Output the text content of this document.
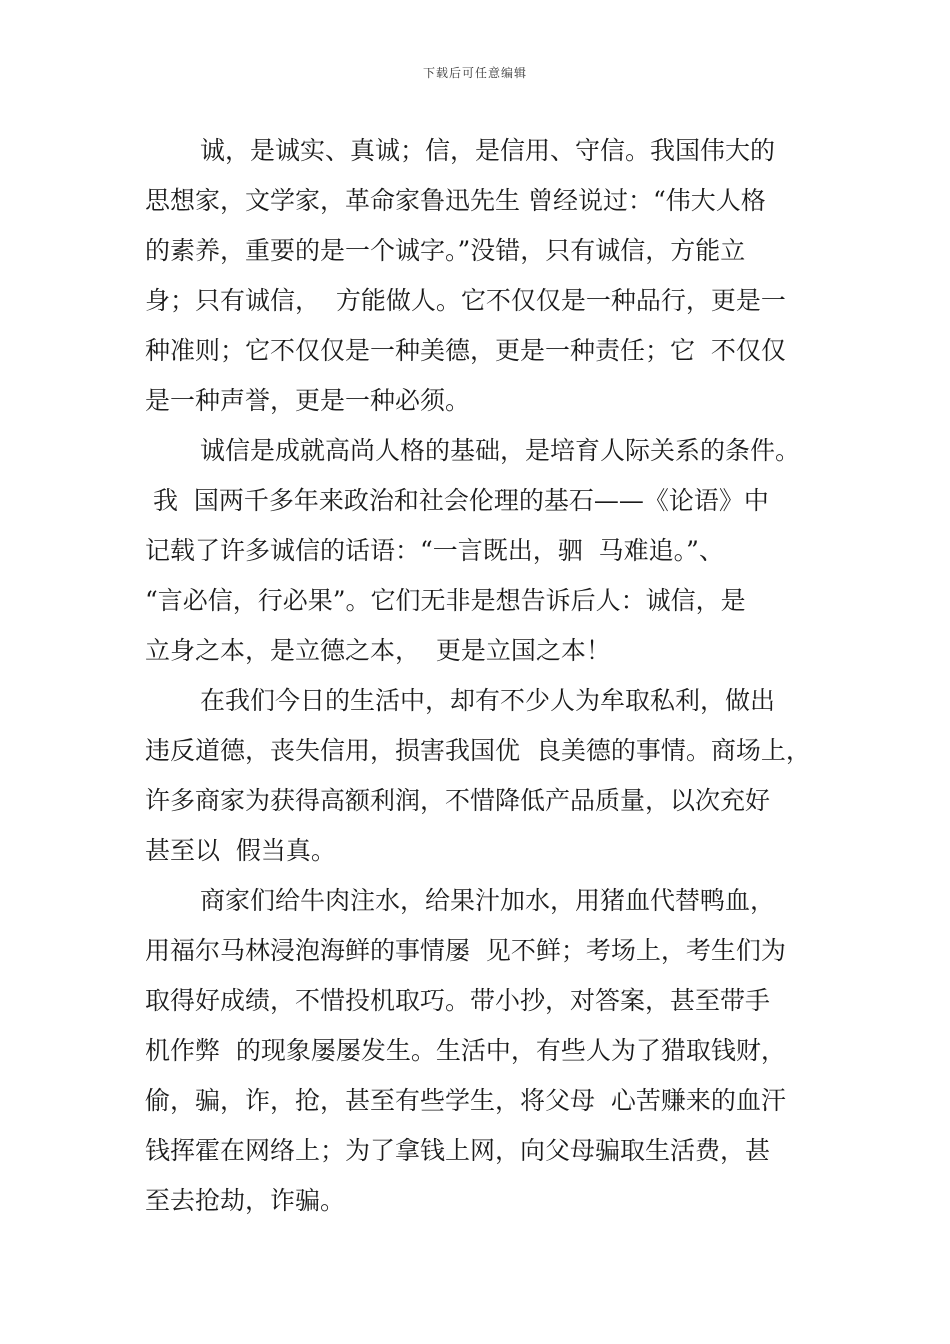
下载后可任意编辑
诚，是诚实、真诚；信，是信用、守信。我国伟大的
思想家，文学家，革命家鲁迅先生 曾经说过：“伟大人格
的素养，重要的是一个诚字。”没错，只有诚信，方能立
身；只有诚信，  方能做人。它不仅仅是一种品行，更是一
种准则；它不仅仅是一种美德，更是一种责任；它  不仅仅
是一种声誉，更是一种必须。
诚信是成就高尚人格的基础，是培育人际关系的条件。
我  国两千多年来政治和社会伦理的基石——《论语》中
记载了许多诚信的话语：“一言既出，驷  马难追。”、
“言必信，行必果”。它们无非是想告诉后人：诚信，是
立身之本，是立德之本，  更是立国之本！
在我们今日的生活中，却有不少人为牟取私利，做出
违反道德，丧失信用，损害我国优  良美德的事情。商场上，
许多商家为获得高额利润，不惜降低产品质量，以次充好
甚至以  假当真。
商家们给牛肉注水，给果汁加水，用猪血代替鸭血，
用福尔马林浸泡海鲜的事情屡  见不鲜；考场上，考生们为
取得好成绩，不惜投机取巧。带小抄，对答案，甚至带手
机作弊  的现象屡屡发生。生活中，有些人为了猎取钱财，
偷，骗，诈，抢，甚至有些学生，将父母  心苦赚来的血汗
钱挥霍在网络上；为了拿钱上网，向父母骗取生活费，甚
至去抢劫，诈骗。
